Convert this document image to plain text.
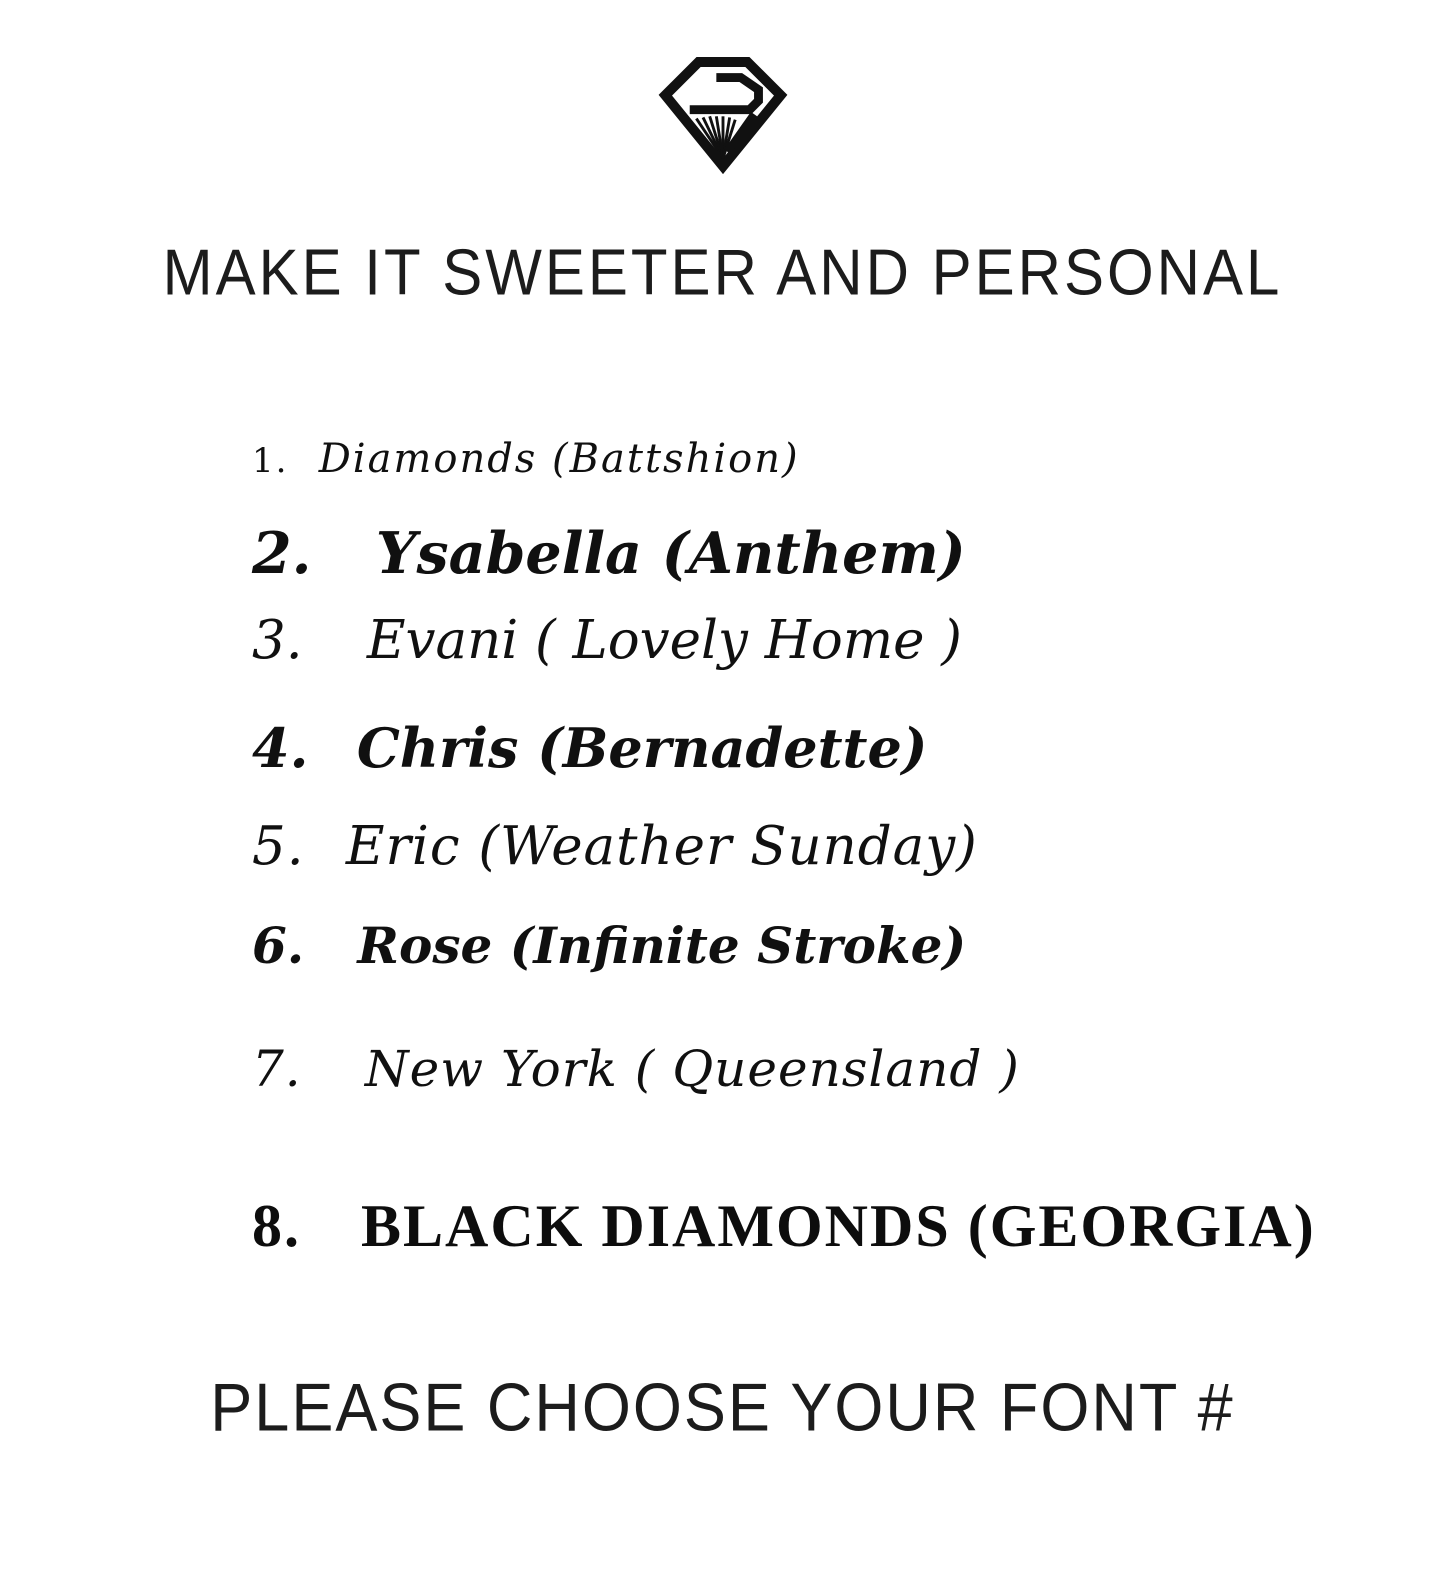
MAKE IT SWEETER AND PERSONAL
1. Diamonds (Battshion)
2. Ysabella (Anthem)
3. Evani ( Lovely Home )
4. Chris (Bernadette)
5. Eric (Weather Sunday)
6. Rose (Infinite Stroke)
7. New York ( Queensland )
8. BLACK DIAMONDS (GEORGIA)
PLEASE CHOOSE YOUR FONT #
